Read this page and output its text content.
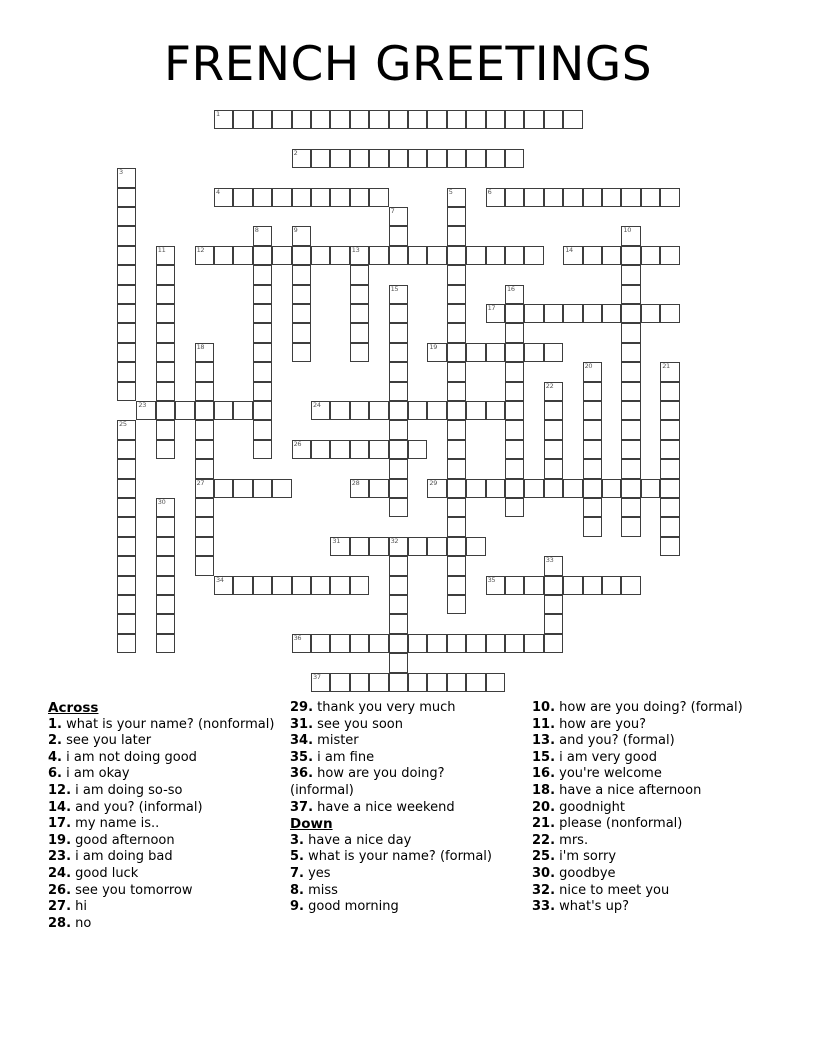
FRENCH GREETINGS
1
2
3
4	5	6
7
8	9	10
11	12	13	14
15	16
17
18
27
19
20	21
22
23	24
25
26
28	29
30
31	32
33
34	35
36
37
Across
1. what is your name? (nonformal)
2. see you later
4. i am not doing good
6. i am okay
12. i am doing so-so
14. and you? (informal)
17. my name is..
19. good afternoon
23. i am doing bad
24. good luck
26. see you tomorrow
27. hi
28. no
29. thank you very much
31. see you soon
34. mister
35. i am fine
36. how are you doing? (informal)
37. have a nice weekend
Down
3. have a nice day
5. what is your name? (formal)
7. yes
8. miss
9. good morning
10. how are you doing? (formal)
11. how are you?
13. and you? (formal)
15. i am very good
16. you're welcome
18. have a nice afternoon
20. goodnight
21. please (nonformal)
22. mrs.
25. i'm sorry
30. goodbye
32. nice to meet you
33. what's up?
